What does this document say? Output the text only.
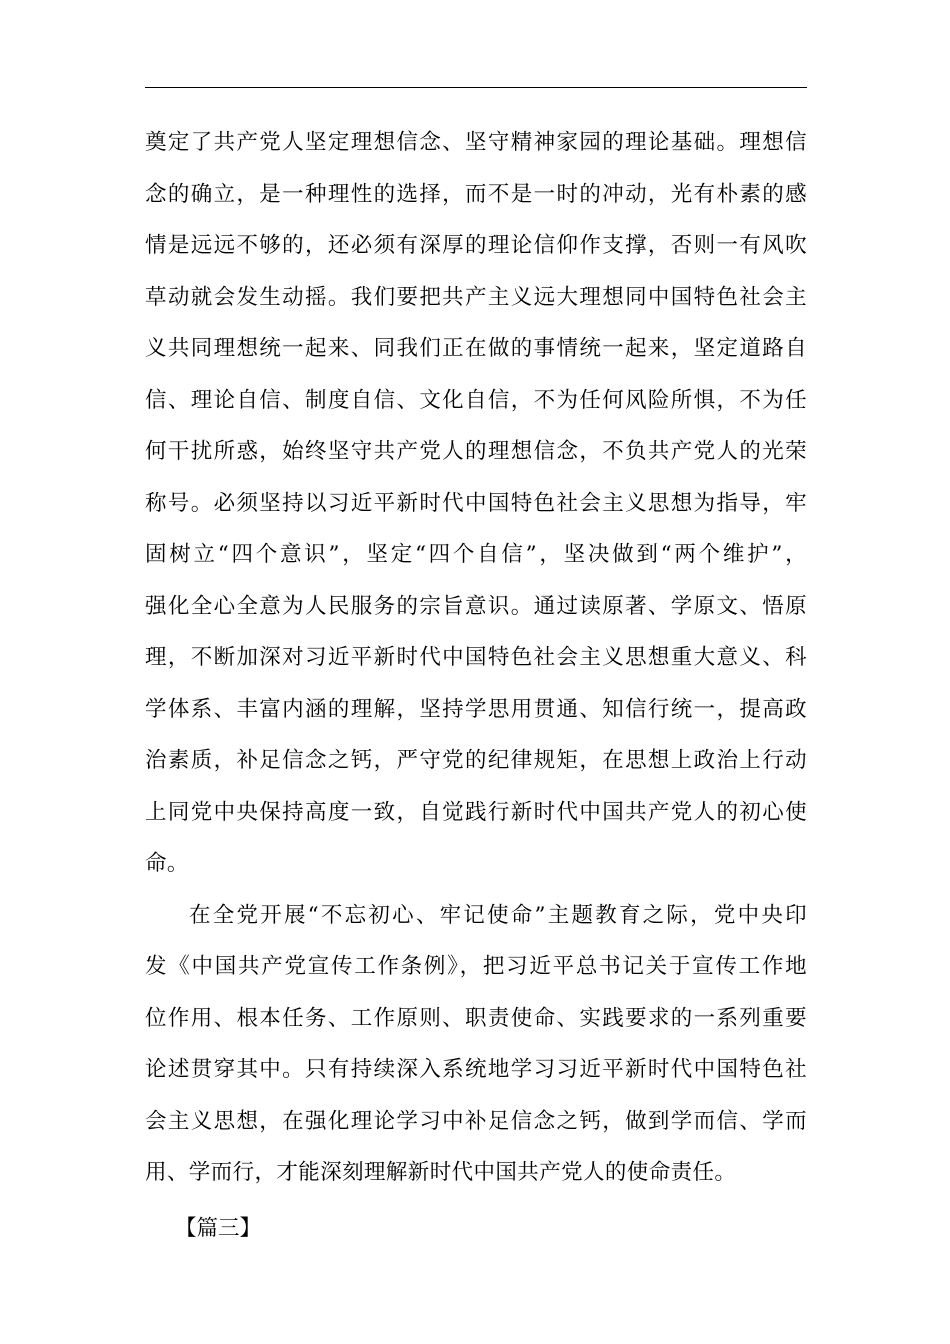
奠定了共产党人坚定理想信念、坚守精神家园的理论基础。理想信
念的确立，是一种理性的选择，而不是一时的冲动，光有朴素的感
情是远远不够的，还必须有深厚的理论信仰作支撑，否则一有风吹
草动就会发生动摇。我们要把共产主义远大理想同中国特色社会主
义共同理想统一起来、同我们正在做的事情统一起来，坚定道路自
信、理论自信、制度自信、文化自信，不为任何风险所惧，不为任
何干扰所惑，始终坚守共产党人的理想信念，不负共产党人的光荣
称号。必须坚持以习近平新时代中国特色社会主义思想为指导，牢
固树立“四个意识”，坚定“四个自信”，坚决做到“两个维护”，
强化全心全意为人民服务的宗旨意识。通过读原著、学原文、悟原
理，不断加深对习近平新时代中国特色社会主义思想重大意义、科
学体系、丰富内涵的理解，坚持学思用贯通、知信行统一，提高政
治素质，补足信念之钙，严守党的纪律规矩，在思想上政治上行动
上同党中央保持高度一致，自觉践行新时代中国共产党人的初心使
命。
在全党开展“不忘初心、牢记使命”主题教育之际，党中央印
发《中国共产党宣传工作条例》，把习近平总书记关于宣传工作地
位作用、根本任务、工作原则、职责使命、实践要求的一系列重要
论述贯穿其中。只有持续深入系统地学习习近平新时代中国特色社
会主义思想，在强化理论学习中补足信念之钙，做到学而信、学而
用、学而行，才能深刻理解新时代中国共产党人的使命责任。
【篇三】
